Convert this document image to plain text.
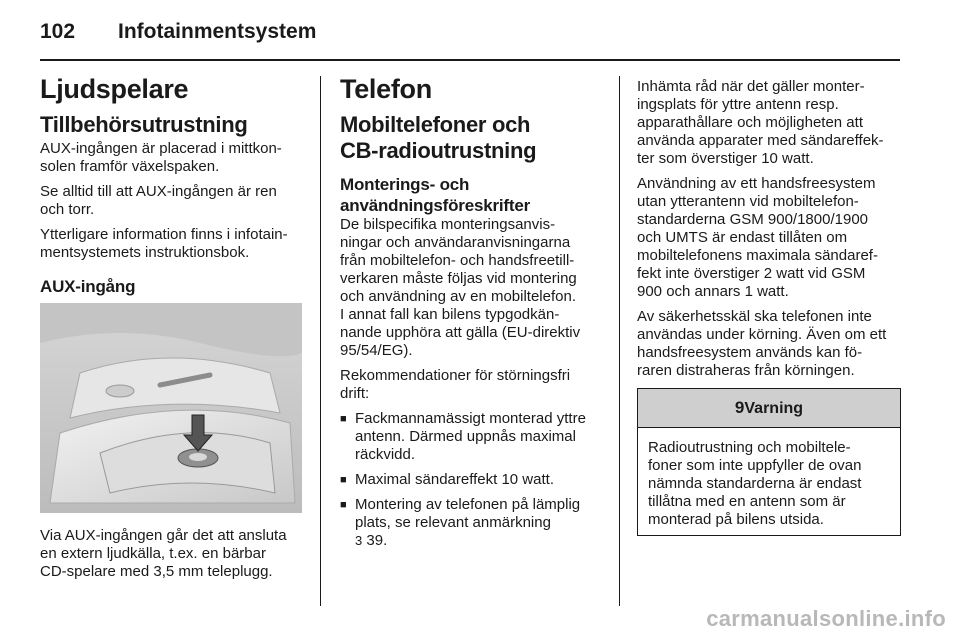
102 Infotainmentsystem
Ljudspelare
Tillbehörsutrustning

AUX-ingången är placerad i mittkon-
solen framför växelspaken.

Se alltid till att AUX-ingången är ren
och torr.

Ytterligare information finns i infotain-
mentsystemets instruktionsbok.

AUX-ingång

Via AUX-ingången går det att ansluta
en extern ljudkälla, t.ex. en bärbar
CD-spelare med 3,5 mm teleplugg.

Telefon
Mobiltelefoner och
CB-radioutrustning
Monterings- och
användningsföreskrifter

De bilspecifika monteringsanvis-
ningar och användaranvisningarna
från mobiltelefon- och handsfreetill-
verkaren måste följas vid montering
och användning av en mobiltelefon.
I annat fall kan bilens typgodkän-
nande upphöra att gälla (EU-direktiv
95/54/EG).

Rekommendationer för störningsfri
drift:

■ Fackmannamässigt monterad yttre
antenn. Därmed uppnås maximal
räckvidd.
■ Maximal sändareffekt 10 watt.
■ Montering av telefonen på lämplig
plats, se relevant anmärkning
3 39.

Inhämta råd när det gäller monter-
ingsplats för yttre antenn resp.
apparathållare och möjligheten att
använda apparater med sändareffek-
ter som överstiger 10 watt.

Användning av ett handsfreesystem
utan ytterantenn vid mobiltelefon-
standarderna GSM 900/1800/1900
och UMTS är endast tillåten om
mobiltelefonens maximala sändaref-
fekt inte överstiger 2 watt vid GSM
900 och annars 1 watt.

Av säkerhetsskäl ska telefonen inte
användas under körning. Även om ett
handsfreesystem används kan fö-
raren distraheras från körningen.

9Varning

Radioutrustning och mobiltele-
foner som inte uppfyller de ovan
nämnda standarderna är endast
tillåtna med en antenn som är
monterad på bilens utsida.

carmanualsonline.info
